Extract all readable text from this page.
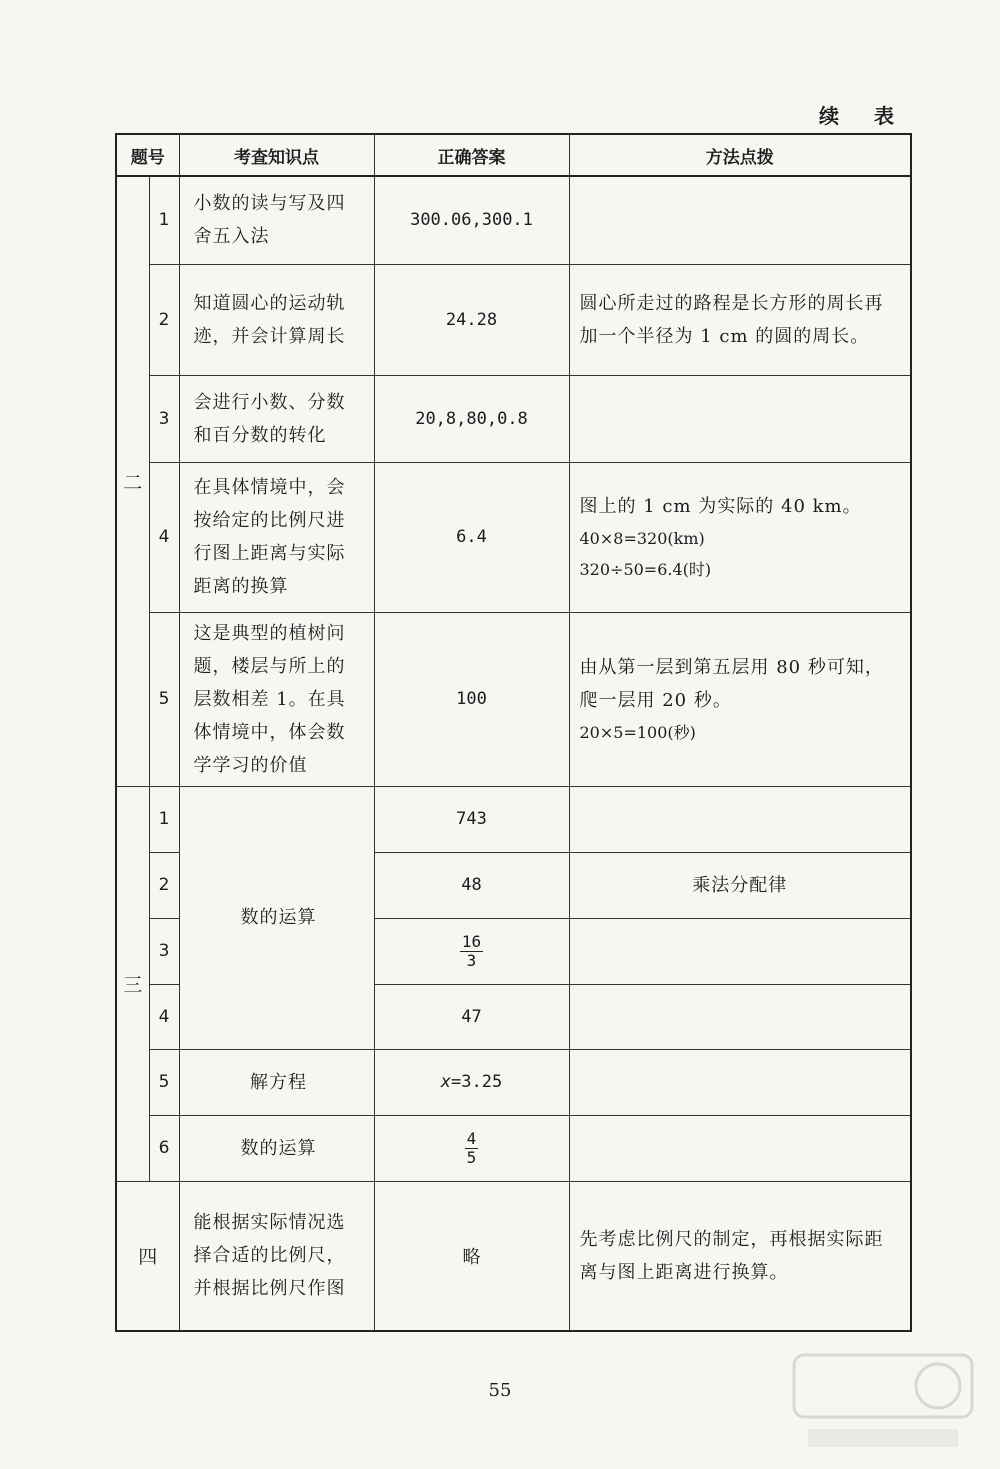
续 表
题号		考查知识点	正确答案	方法点拨
二	1	小数的读与写及四舍五入法	300.06,300.1	
	2	知道圆心的运动轨迹，并会计算周长	24.28	圆心所走过的路程是长方形的周长再加一个半径为 1 cm 的圆的周长。
	3	会进行小数、分数和百分数的转化	20,8,80,0.8	
	4	在具体情境中，会按给定的比例尺进行图上距离与实际距离的换算	6.4	图上的 1 cm 为实际的 40 km。
40×8=320(km)
320÷50=6.4(时)

	5	这是典型的植树问题，楼层与所上的层数相差 1。在具体情境中，体会数学学习的价值	100	由从第一层到第五层用 80 秒可知，爬一层用 20 秒。
20×5=100(秒)

三	1	数的运算	743	
	2		48	乘法分配律
	3		$\frac{16}{3}$

	4		47	
	5	解方程	x=3.25	
	6	数的运算	$\frac{4}{5}$

四		能根据实际情况选择合适的比例尺，并根据比例尺作图	略	先考虑比例尺的制定，再根据实际距离与图上距离进行换算。
55
